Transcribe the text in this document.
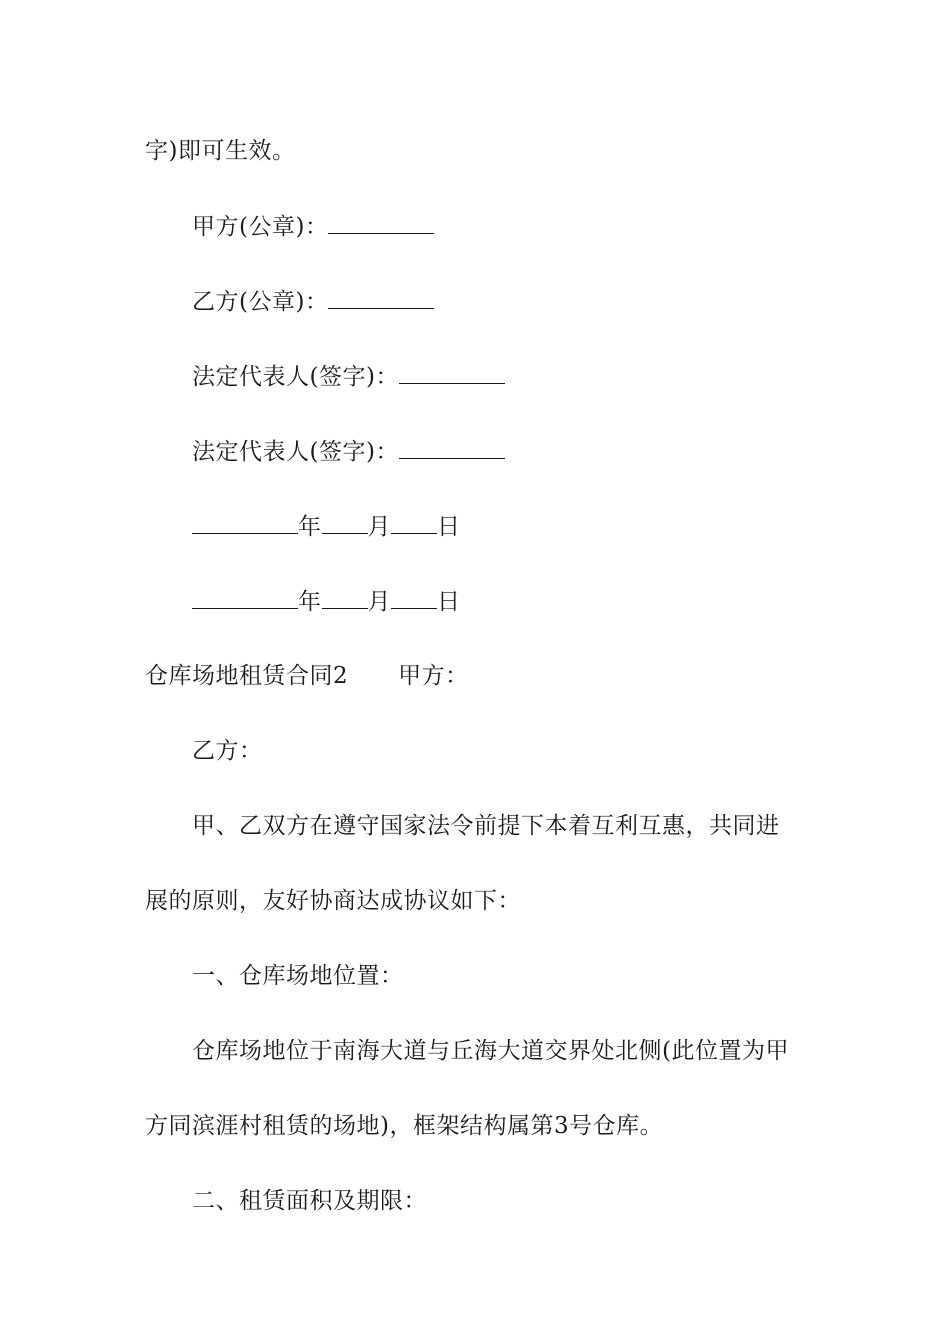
字)即可生效。
甲方(公章)：
乙方(公章)：
法定代表人(签字)：
法定代表人(签字)：
年 月 日
年 月 日
仓库场地租赁合同2 甲方：
乙方：
甲、乙双方在遵守国家法令前提下本着互利互惠，共同进
展的原则，友好协商达成协议如下：
一、仓库场地位置：
仓库场地位于南海大道与丘海大道交界处北侧(此位置为甲
方同滨涯村租赁的场地)，框架结构属第3号仓库。
二、租赁面积及期限：
